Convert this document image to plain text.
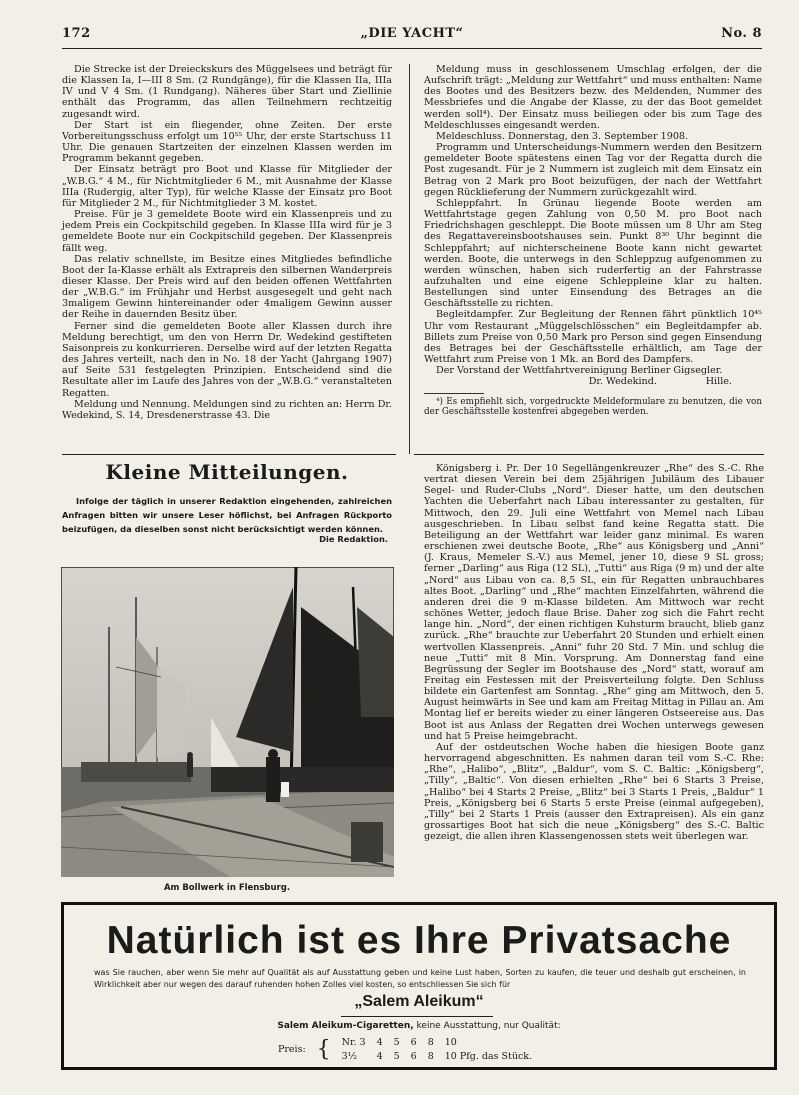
172	„DIE YACHT“	No. 8

Die Strecke ist der Dreieckskurs des Müggelsees und beträgt für die Klassen Ia, I—III 8 Sm. (2 Rundgänge), für die Klassen IIa, IIIa IV und V 4 Sm. (1 Rundgang). Näheres über Start und Ziellinie enthält das Programm, das allen Teilnehmern rechtzeitig zugesandt wird.

Der Start ist ein fliegender, ohne Zeiten. Der erste Vorbereitungsschuss erfolgt um 10⁵⁵ Uhr, der erste Startschuss 11 Uhr. Die genauen Startzeiten der einzelnen Klassen werden im Programm bekannt gegeben.

Der Einsatz beträgt pro Boot und Klasse für Mitglieder der „W.B.G.“ 4 M., für Nichtmitglieder 6 M., mit Ausnahme der Klasse IIIa (Rudergig, alter Typ), für welche Klasse der Einsatz pro Boot für Mitglieder 2 M., für Nichtmitglieder 3 M. kostet.

Preise. Für je 3 gemeldete Boote wird ein Klassenpreis und zu jedem Preis ein Cockpitschild gegeben. In Klasse IIIa wird für je 3 gemeldete Boote nur ein Cockpitschild gegeben. Der Klassenpreis fällt weg.

Das relativ schnellste, im Besitze eines Mitgliedes befindliche Boot der Ia-Klasse erhält als Extrapreis den silbernen Wanderpreis dieser Klasse. Der Preis wird auf den beiden offenen Wettfahrten der „W.B.G.“ im Frühjahr und Herbst ausgesegelt und geht nach 3maligem Gewinn hintereinander oder 4maligem Gewinn ausser der Reihe in dauernden Besitz über.

Ferner sind die gemeldeten Boote aller Klassen durch ihre Meldung berechtigt, um den von Herrn Dr. Wedekind gestifteten Saisonpreis zu konkurrieren. Derselbe wird auf der letzten Regatta des Jahres verteilt, nach den in No. 18 der Yacht (Jahrgang 1907) auf Seite 531 festgelegten Prinzipien. Entscheidend sind die Resultate aller im Laufe des Jahres von der „W.B.G.“ veranstalteten Regatten.

Meldung und Nennung. Meldungen sind zu richten an: Herrn Dr. Wedekind, S. 14, Dresdenerstrasse 43. Die

Meldung muss in geschlossenem Umschlag erfolgen, der die Aufschrift trägt: „Meldung zur Wettfahrt“ und muss enthalten: Name des Bootes und des Besitzers bezw. des Meldenden, Nummer des Messbriefes und die Angabe der Klasse, zu der das Boot gemeldet werden soll⁴). Der Einsatz muss beiliegen oder bis zum Tage des Meldeschlusses eingesandt werden.

Meldeschluss. Donnerstag, den 3. September 1908.

Programm und Unterscheidungs-Nummern werden den Besitzern gemeldeter Boote spätestens einen Tag vor der Regatta durch die Post zugesandt. Für je 2 Nummern ist zugleich mit dem Einsatz ein Betrag von 2 Mark pro Boot beizufügen, der nach der Wettfahrt gegen Rücklieferung der Nummern zurückgezahlt wird.

Schleppfahrt. In Grünau liegende Boote werden am Wettfahrtstage gegen Zahlung von 0,50 M. pro Boot nach Friedrichshagen geschleppt. Die Boote müssen um 8 Uhr am Steg des Regattavereinsbootshauses sein. Punkt 8³⁰ Uhr beginnt die Schleppfahrt; auf nichterscheinene Boote kann nicht gewartet werden. Boote, die unterwegs in den Schleppzug aufgenommen zu werden wünschen, haben sich ruderfertig an der Fahrstrasse aufzuhalten und eine eigene Schleppleine klar zu halten. Bestellungen sind unter Einsendung des Betrages an die Geschäftsstelle zu richten.

Begleitdampfer. Zur Begleitung der Rennen fährt pünktlich 10⁴⁵ Uhr vom Restaurant „Müggelschlösschen“ ein Begleitdampfer ab. Billets zum Preise von 0,50 Mark pro Person sind gegen Einsendung des Betrages bei der Geschäftsstelle erhältlich, am Tage der Wettfahrt zum Preise von 1 Mk. an Bord des Dampfers.

Der Vorstand der Wettfahrtvereinigung Berliner Gigsegler.

Dr. Wedekind.	Hille.

⁴) Es empfiehlt sich, vorgedruckte Meldeformulare zu benutzen, die von der Geschäftsstelle kostenfrei abgegeben werden.

Kleine Mitteilungen.
Infolge der täglich in unserer Redaktion eingehenden, zahlreichen Anfragen bitten wir unsere Leser höflichst, bei Anfragen Rückporto beizufügen, da dieselben sonst nicht berücksichtigt werden können.
Die Redaktion.
Am Bollwerk in Flensburg.

Königsberg i. Pr. Der 10 Segellängenkreuzer „Rhe“ des S.-C. Rhe vertrat diesen Verein bei dem 25jährigen Jubiläum des Libauer Segel- und Ruder-Clubs „Nord“. Dieser hatte, um den deutschen Yachten die Ueberfahrt nach Libau interessanter zu gestalten, für Mittwoch, den 29. Juli eine Wettfahrt von Memel nach Libau ausgeschrieben. In Libau selbst fand keine Regatta statt. Die Beteiligung an der Wettfahrt war leider ganz minimal. Es waren erschienen zwei deutsche Boote, „Rhe“ aus Königsberg und „Anni“ (J. Kraus, Memeler S.-V.) aus Memel, jener 10, diese 9 SL gross; ferner „Darling“ aus Riga (12 SL), „Tutti“ aus Riga (9 m) und der alte „Nord“ aus Libau von ca. 8,5 SL, ein für Regatten unbrauchbares altes Boot. „Darling“ und „Rhe“ machten Einzelfahrten, während die anderen drei die 9 m-Klasse bildeten. Am Mittwoch war recht schönes Wetter, jedoch flaue Brise. Daher zog sich die Fahrt recht lange hin. „Nord“, der einen richtigen Kuhsturm braucht, blieb ganz zurück. „Rhe“ brauchte zur Ueberfahrt 20 Stunden und erhielt einen wertvollen Klassenpreis. „Anni“ fuhr 20 Std. 7 Min. und schlug die neue „Tutti“ mit 8 Min. Vorsprung. Am Donnerstag fand eine Begrüssung der Segler im Bootshause des „Nord“ statt, worauf am Freitag ein Festessen mit der Preisverteilung folgte. Den Schluss bildete ein Gartenfest am Sonntag. „Rhe“ ging am Mittwoch, den 5. August heimwärts in See und kam am Freitag Mittag in Pillau an. Am Montag lief er bereits wieder zu einer längeren Ostseereise aus. Das Boot ist aus Anlass der Regatten drei Wochen unterwegs gewesen und hat 5 Preise heimgebracht.

Auf der ostdeutschen Woche haben die hiesigen Boote ganz hervorragend abgeschnitten. Es nahmen daran teil vom S.-C. Rhe: „Rhe“, „Halibo“, „Blitz“, „Baldur“, vom S. C. Baltic: „Königsberg“, „Tilly“, „Baltic“. Von diesen erhielten „Rhe“ bei 6 Starts 3 Preise, „Halibo“ bei 4 Starts 2 Preise, „Blitz“ bei 3 Starts 1 Preis, „Baldur“ 1 Preis, „Königsberg bei 6 Starts 5 erste Preise (einmal aufgegeben), „Tilly“ bei 2 Starts 1 Preis (ausser den Extrapreisen). Als ein ganz grossartiges Boot hat sich die neue „Königsberg“ des S.-C. Baltic gezeigt, die allen ihren Klassengenossen stets weit überlegen war.

Natürlich ist es Ihre Privatsache
was Sie rauchen, aber wenn Sie mehr auf Qualität als auf Ausstattung geben und keine Lust haben, Sorten zu kaufen, die teuer und deshalb gut erscheinen, in Wirklichkeit aber nur wegen des darauf ruhenden hohen Zolles viel kosten, so entschliessen Sie sich für
„Salem Aleikum“
Salem Aleikum-Cigaretten, keine Ausstattung, nur Qualität:
Preis:	{	Nr. 3	4	5	6	8	10
		3½	4	5	6	8	10 Pfg. das Stück.
